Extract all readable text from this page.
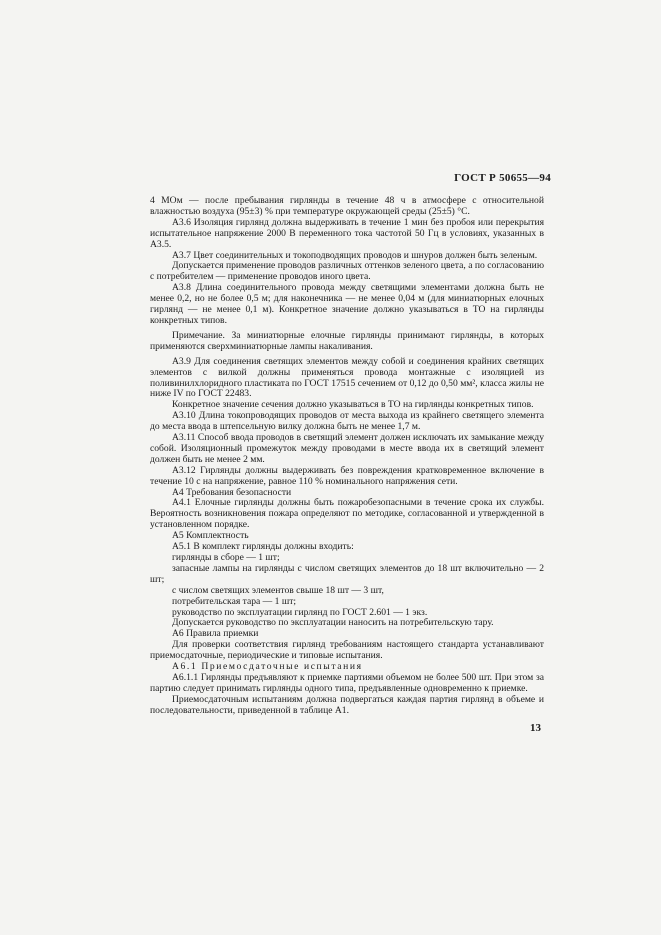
ГОСТ Р 50655—94

4 МОм — после пребывания гирлянды в течение 48 ч в атмосфере с относительной влажностью воздуха (95±3) % при температуре окружающей среды (25±5) °С.

А3.6 Изоляция гирлянд должна выдерживать в течение 1 мин без пробоя или перекрытия испытательное напряжение 2000 В переменного тока частотой 50 Гц в условиях, указанных в А3.5.

А3.7 Цвет соединительных и токоподводящих проводов и шнуров должен быть зеленым.

Допускается применение проводов различных оттенков зеленого цвета, а по согласованию с потребителем — применение проводов иного цвета.

А3.8 Длина соединительного провода между светящими элементами должна быть не менее 0,2, но не более 0,5 м; для наконечника — не менее 0,04 м (для миниатюрных елочных гирлянд — не менее 0,1 м). Конкретное значение должно указываться в ТО на гирлянды конкретных типов.

Примечание. За миниатюрные елочные гирлянды принимают гирлянды, в которых применяются сверхминиатюрные лампы накаливания.

А3.9 Для соединения светящих элементов между собой и соединения крайних светящих элементов с вилкой должны применяться провода монтажные с изоляцией из поливинилхлоридного пластиката по ГОСТ 17515 сечением от 0,12 до 0,50 мм², класса жилы не ниже IV по ГОСТ 22483.

Конкретное значение сечения должно указываться в ТО на гирлянды конкретных типов.

А3.10 Длина токопроводящих проводов от места выхода из крайнего светящего элемента до места ввода в штепсельную вилку должна быть не менее 1,7 м.

А3.11 Способ ввода проводов в светящий элемент должен исключать их замыкание между собой. Изоляционный промежуток между проводами в месте ввода их в светящий элемент должен быть не менее 2 мм.

А3.12 Гирлянды должны выдерживать без повреждения кратковременное включение в течение 10 с на напряжение, равное 110 % номинального напряжения сети.

А4 Требования безопасности

А4.1 Елочные гирлянды должны быть пожаробезопасными в течение срока их службы. Вероятность возникновения пожара определяют по методике, согласованной и утвержденной в установленном порядке.

А5 Комплектность

А5.1 В комплект гирлянды должны входить:

гирлянды в сборе — 1 шт;

запасные лампы на гирлянды с числом светящих элементов до 18 шт включительно — 2 шт;

с числом светящих элементов свыше 18 шт — 3 шт,

потребительская тара — 1 шт;

руководство по эксплуатации гирлянд по ГОСТ 2.601 — 1 экз.

Допускается руководство по эксплуатации наносить на потребительскую тару.

А6 Правила приемки

Для проверки соответствия гирлянд требованиям настоящего стандарта устанавливают приемосдаточные, периодические и типовые испытания.

А6.1 Приемосдаточные испытания

А6.1.1 Гирлянды предъявляют к приемке партиями объемом не более 500 шт. При этом за партию следует принимать гирлянды одного типа, предъявленные одновременно к приемке.

Приемосдаточным испытаниям должна подвергаться каждая партия гирлянд в объеме и последовательности, приведенной в таблице А1.

13
